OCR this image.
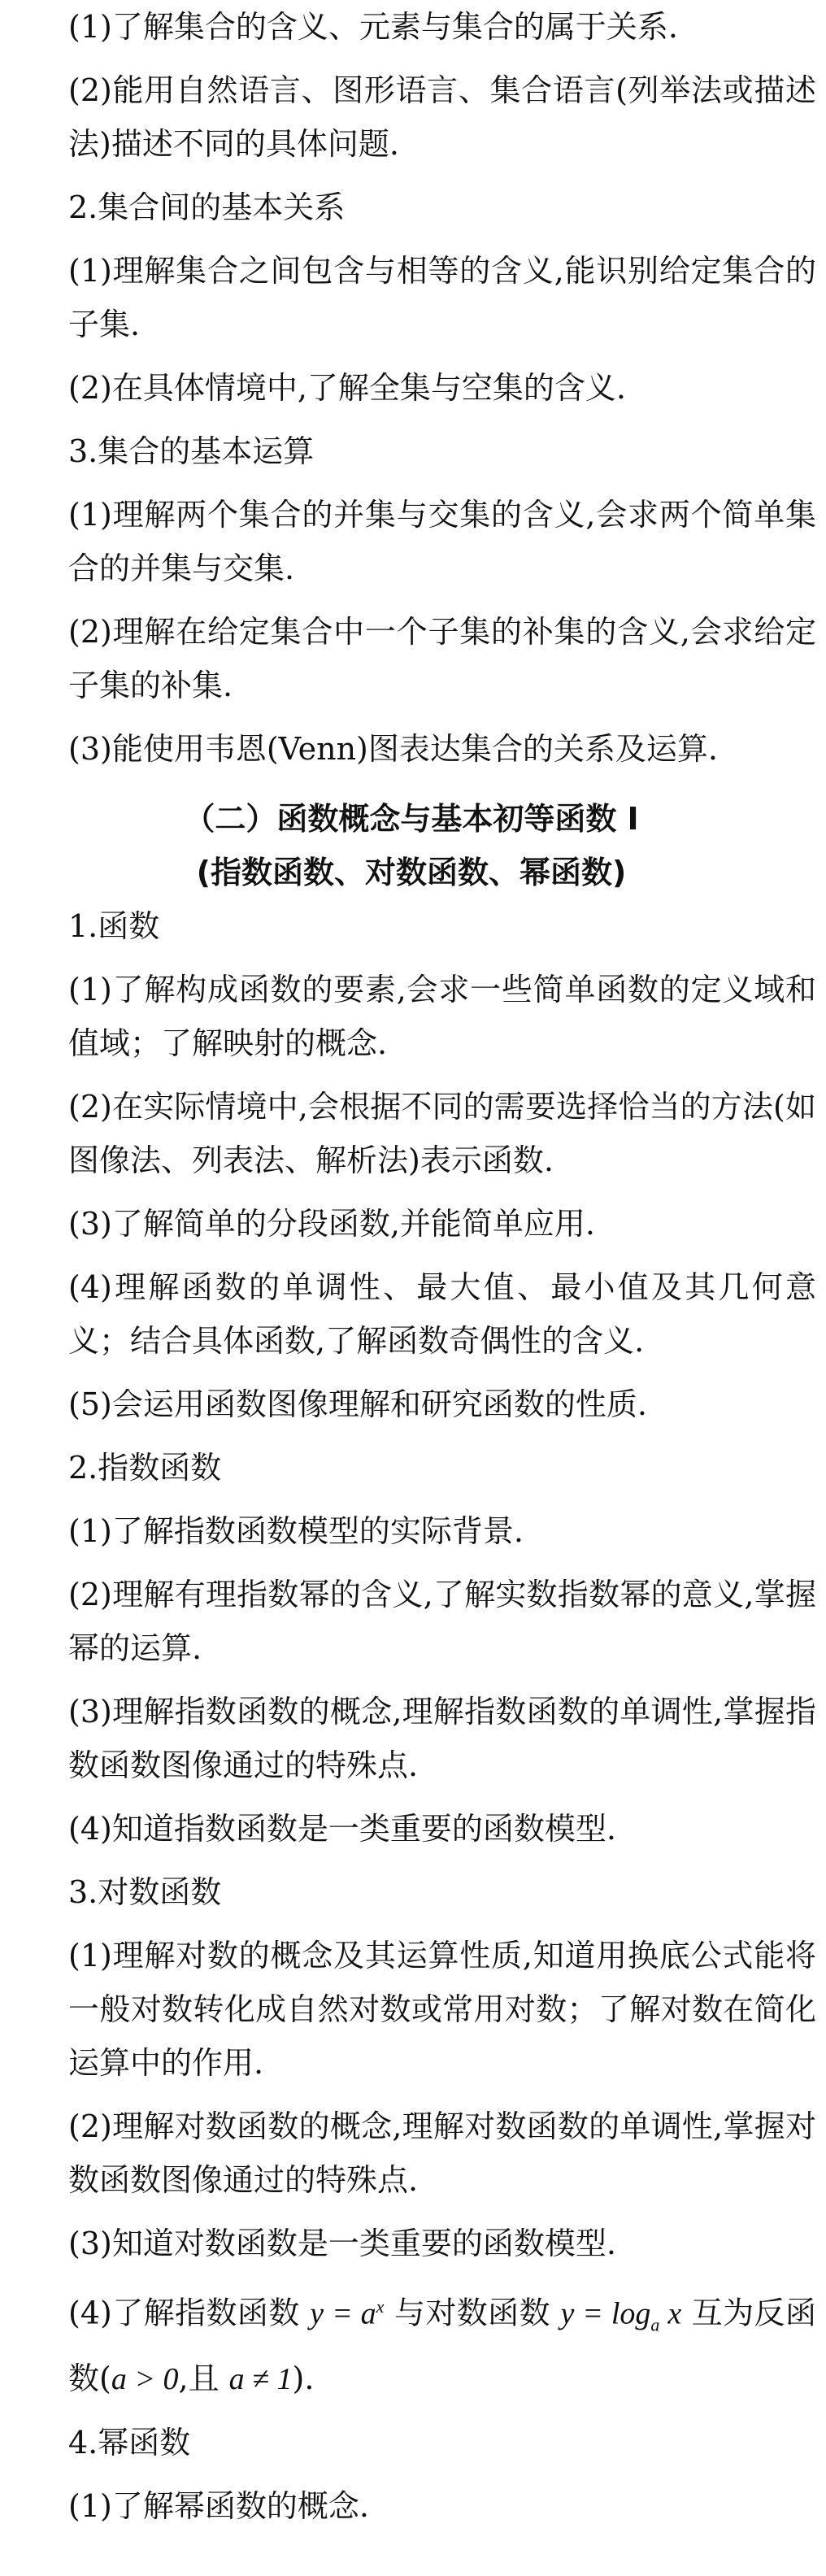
(1)了解集合的含义、元素与集合的属于关系.

(2)能用自然语言、图形语言、集合语言(列举法或描述法)描述不同的具体问题.

2.集合间的基本关系

(1)理解集合之间包含与相等的含义,能识别给定集合的子集.

(2)在具体情境中,了解全集与空集的含义.

3.集合的基本运算

(1)理解两个集合的并集与交集的含义,会求两个简单集合的并集与交集.

(2)理解在给定集合中一个子集的补集的含义,会求给定子集的补集.

(3)能使用韦恩(Venn)图表达集合的关系及运算.

（二）函数概念与基本初等函数 I
(指数函数、对数函数、幂函数)

1.函数

(1)了解构成函数的要素,会求一些简单函数的定义域和值域；了解映射的概念.

(2)在实际情境中,会根据不同的需要选择恰当的方法(如图像法、列表法、解析法)表示函数.

(3)了解简单的分段函数,并能简单应用.

(4)理解函数的单调性、最大值、最小值及其几何意义；结合具体函数,了解函数奇偶性的含义.

(5)会运用函数图像理解和研究函数的性质.

2.指数函数

(1)了解指数函数模型的实际背景.

(2)理解有理指数幂的含义,了解实数指数幂的意义,掌握幂的运算.

(3)理解指数函数的概念,理解指数函数的单调性,掌握指数函数图像通过的特殊点.

(4)知道指数函数是一类重要的函数模型.

3.对数函数

(1)理解对数的概念及其运算性质,知道用换底公式能将一般对数转化成自然对数或常用对数；了解对数在简化运算中的作用.

(2)理解对数函数的概念,理解对数函数的单调性,掌握对数函数图像通过的特殊点.

(3)知道对数函数是一类重要的函数模型.

(4)了解指数函数 $y = a^x$ 与对数函数 $y = \log_a x$ 互为反函数(a > 0,且 a ≠ 1).

4.幂函数

(1)了解幂函数的概念.
